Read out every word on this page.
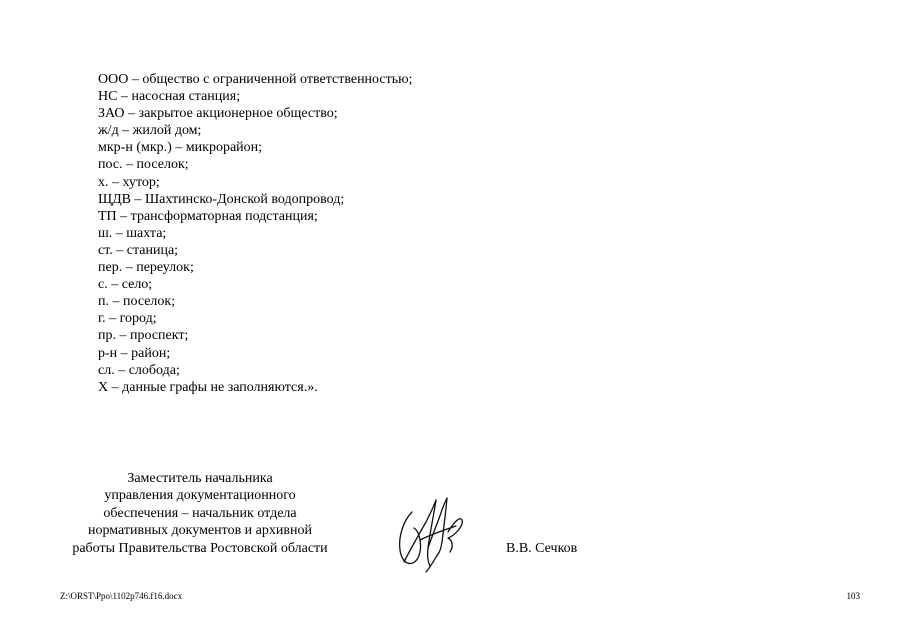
ООО – общество с ограниченной ответственностью;
НС – насосная станция;
ЗАО – закрытое акционерное общество;
ж/д – жилой дом;
мкр-н (мкр.) – микрорайон;
пос. – поселок;
х. – хутор;
ЩДВ – Шахтинско-Донской водопровод;
ТП – трансформаторная подстанция;
ш. – шахта;
ст. – станица;
пер. – переулок;
с. – село;
п. – поселок;
г. – город;
пр. – проспект;
р-н – район;
сл. – слобода;
Х – данные графы не заполняются.».
Заместитель начальника
управления документационного
обеспечения – начальник отдела
нормативных документов и архивной
работы Правительства Ростовской области	В.В. Сечков
Z:\ORST\Ppo\1102p746.f16.docx	103
